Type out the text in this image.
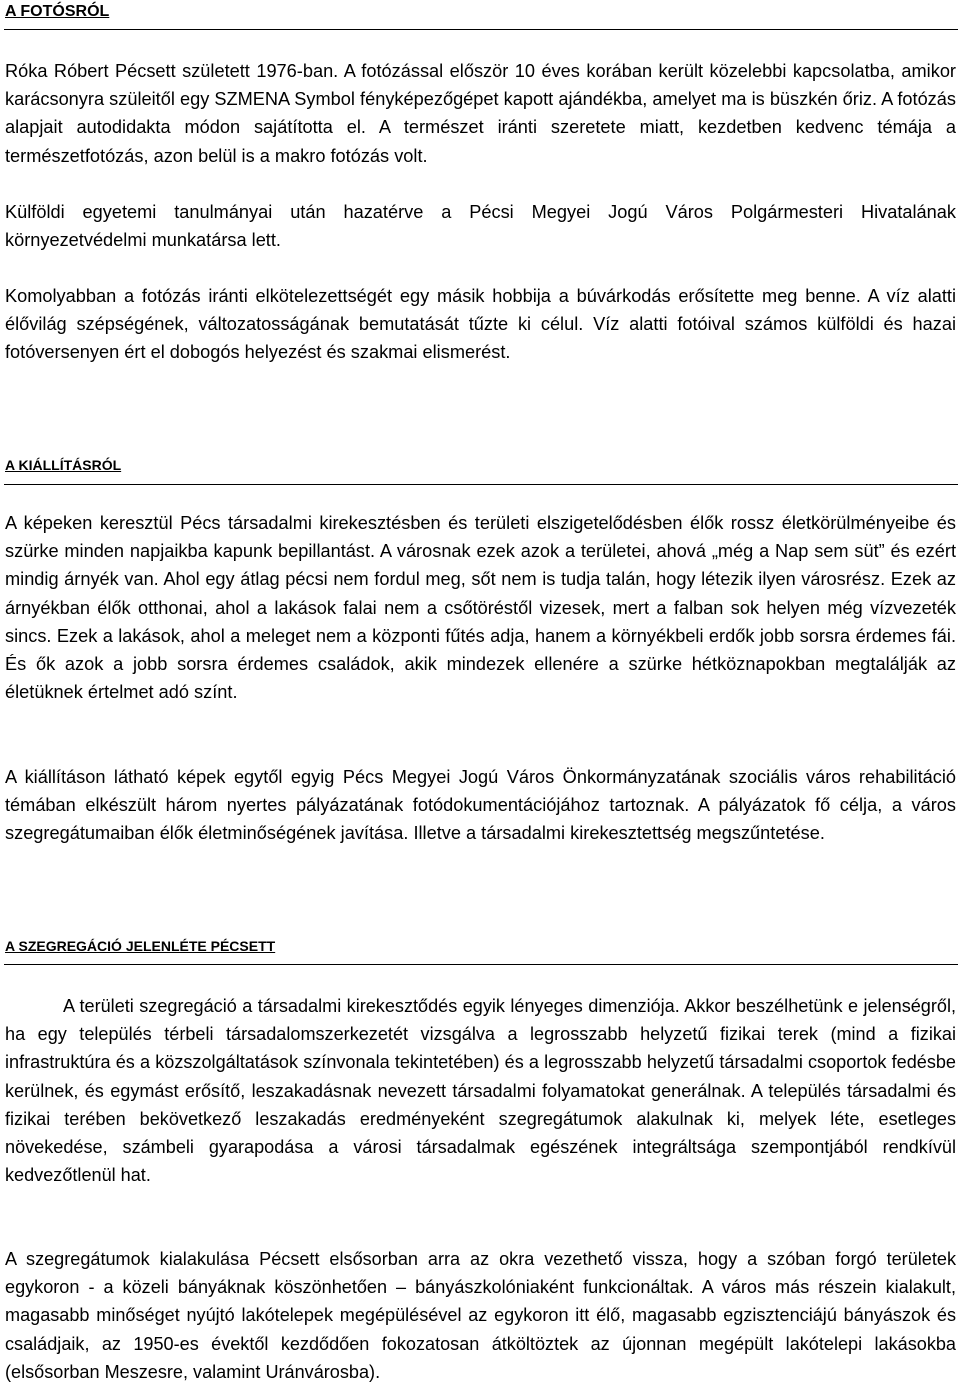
A FOTÓSRÓL

Róka Róbert Pécsett született 1976-ban. A fotózással először 10 éves korában került közelebbi kapcsolatba, amikor karácsonyra szüleitől egy SZMENA Symbol fényképezőgépet kapott ajándékba, amelyet ma is büszkén őriz. A fotózás alapjait autodidakta módon sajátította el. A természet iránti szeretete miatt, kezdetben kedvenc témája a természetfotózás, azon belül is a makro fotózás volt.

Külföldi egyetemi tanulmányai után hazatérve a Pécsi Megyei Jogú Város Polgármesteri Hivatalának környezetvédelmi munkatársa lett.

Komolyabban a fotózás iránti elkötelezettségét egy másik hobbija a búvárkodás erősítette meg benne. A víz alatti élővilág szépségének, változatosságának bemutatását tűzte ki célul. Víz alatti fotóival számos külföldi és hazai fotóversenyen ért el dobogós helyezést és szakmai elismerést.

A KIÁLLÍTÁSRÓL

A képeken keresztül Pécs társadalmi kirekesztésben és területi elszigetelődésben élők rossz életkörülményeibe és szürke minden napjaikba kapunk bepillantást. A városnak ezek azok a területei, ahová „még a Nap sem süt” és ezért mindig árnyék van. Ahol egy átlag pécsi nem fordul meg, sőt nem is tudja talán, hogy létezik ilyen városrész. Ezek az árnyékban élők otthonai, ahol a lakások falai nem a csőtöréstől vizesek, mert a falban sok helyen még vízvezeték sincs. Ezek a lakások, ahol a meleget nem a központi fűtés adja, hanem a környékbeli erdők jobb sorsra érdemes fái. És ők azok a jobb sorsra érdemes családok, akik mindezek ellenére a szürke hétköznapokban megtalálják az életüknek értelmet adó színt.

A kiállításon látható képek egytől egyig Pécs Megyei Jogú Város Önkormányzatának szociális város rehabilitáció témában elkészült három nyertes pályázatának fotódokumentációjához tartoznak. A pályázatok fő célja, a város szegregátumaiban élők életminőségének javítása. Illetve a társadalmi kirekesztettség megszűntetése.

A SZEGREGÁCIÓ JELENLÉTE PÉCSETT

A területi szegregáció a társadalmi kirekesztődés egyik lényeges dimenziója. Akkor beszélhetünk e jelenségről, ha egy település térbeli társadalomszerkezetét vizsgálva a legrosszabb helyzetű fizikai terek (mind a fizikai infrastruktúra és a közszolgáltatások színvonala tekintetében) és a legrosszabb helyzetű társadalmi csoportok fedésbe kerülnek, és egymást erősítő, leszakadásnak nevezett társadalmi folyamatokat generálnak. A település társadalmi és fizikai terében bekövetkező leszakadás eredményeként szegregátumok alakulnak ki, melyek léte, esetleges növekedése, számbeli gyarapodása a városi társadalmak egészének integráltsága szempontjából rendkívül kedvezőtlenül hat.

A szegregátumok kialakulása Pécsett elsősorban arra az okra vezethető vissza, hogy a szóban forgó területek egykoron - a közeli bányáknak köszönhetően – bányászkolóniaként funkcionáltak. A város más részein kialakult, magasabb minőséget nyújtó lakótelepek megépülésével az egykoron itt élő, magasabb egzisztenciájú bányászok és családjaik, az 1950-es évektől kezdődően fokozatosan átköltöztek az újonnan megépült lakótelepi lakásokba (elsősorban Meszesre, valamint Uránvárosba).
